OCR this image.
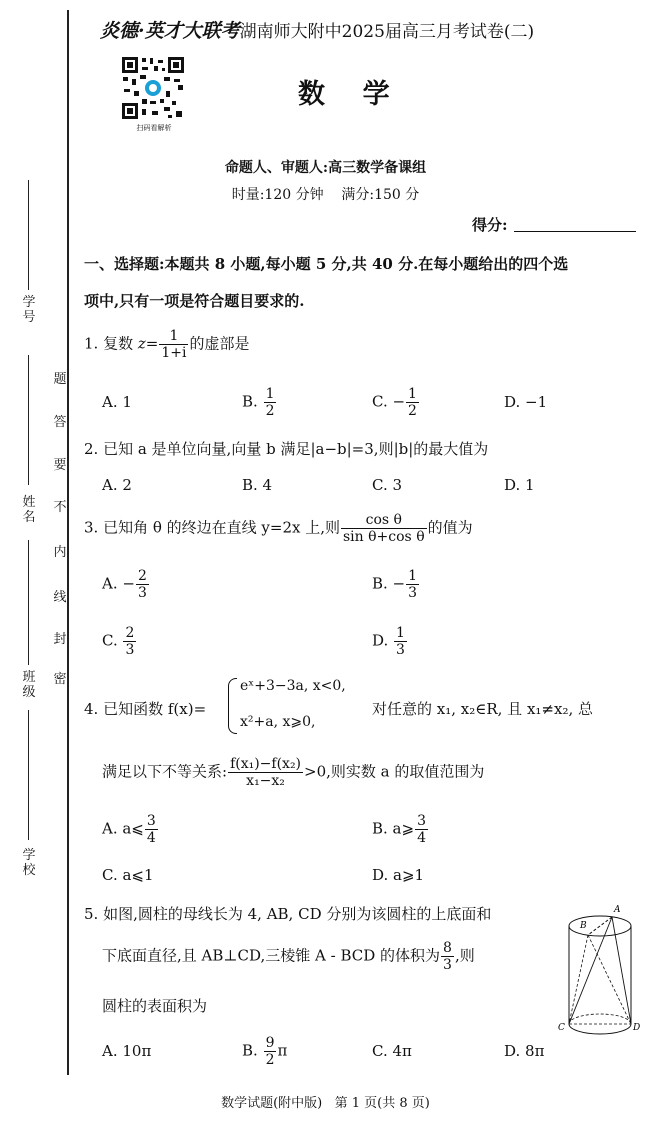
学号
姓名
班级
学校
题
答
要
不
内
线
封
密
炎德·英才大联考湖南师大附中2025届高三月考试卷(二)
扫码看解析
数    学
命题人、审题人:高三数学备课组
时量:120 分钟    满分:150 分
得分:
一、选择题:本题共 8 小题,每小题 5 分,共 40 分.在每小题给出的四个选
项中,只有一项是符合题目要求的.
1. 复数 $z= \frac{1}{1+i}$ 的虚部是
A. 1	B. $\frac{1}{2}$	C. − $\frac{1}{2}$	D. −1
2. 已知 a 是单位向量,向量 b 满足|a−b|=3,则|b|的最大值为
A. 2	B. 4	C. 3	D. 1
3. 已知角 θ 的终边在直线 y=2x 上,则 $\frac{\text{cos θ}}{\text{sin θ+cos θ}}$ 的值为
A. − $\frac{2}{3}$	B. − $\frac{1}{3}$
C. $\frac{2}{3}$	D. $\frac{1}{3}$
4. 已知函数 f(x)=
eˣ+3−3a, x<0,
x²+a, x⩾0,
对任意的 x₁, x₂∈R, 且 x₁≠x₂, 总
满足以下不等关系: $\frac{\text{f(x₁)−f(x₂)}}{\text{x₁−x₂}} >0$,则实数 a 的取值范围为
A. a⩽ $\frac{3}{4}$	B. a⩾ $\frac{3}{4}$
C. a⩽1	D. a⩾1
5. 如图,圆柱的母线长为 4, AB, CD 分别为该圆柱的上底面和
下底面直径,且 AB⊥CD,三棱锥 A - BCD 的体积为 $\frac{8}{3}$ ,则
圆柱的表面积为
A. 10π	B. $\frac{9}{2}$ π	C. 4π	D. 8π
A
B
C	D
数学试题(附中版)   第 1 页(共 8 页)
